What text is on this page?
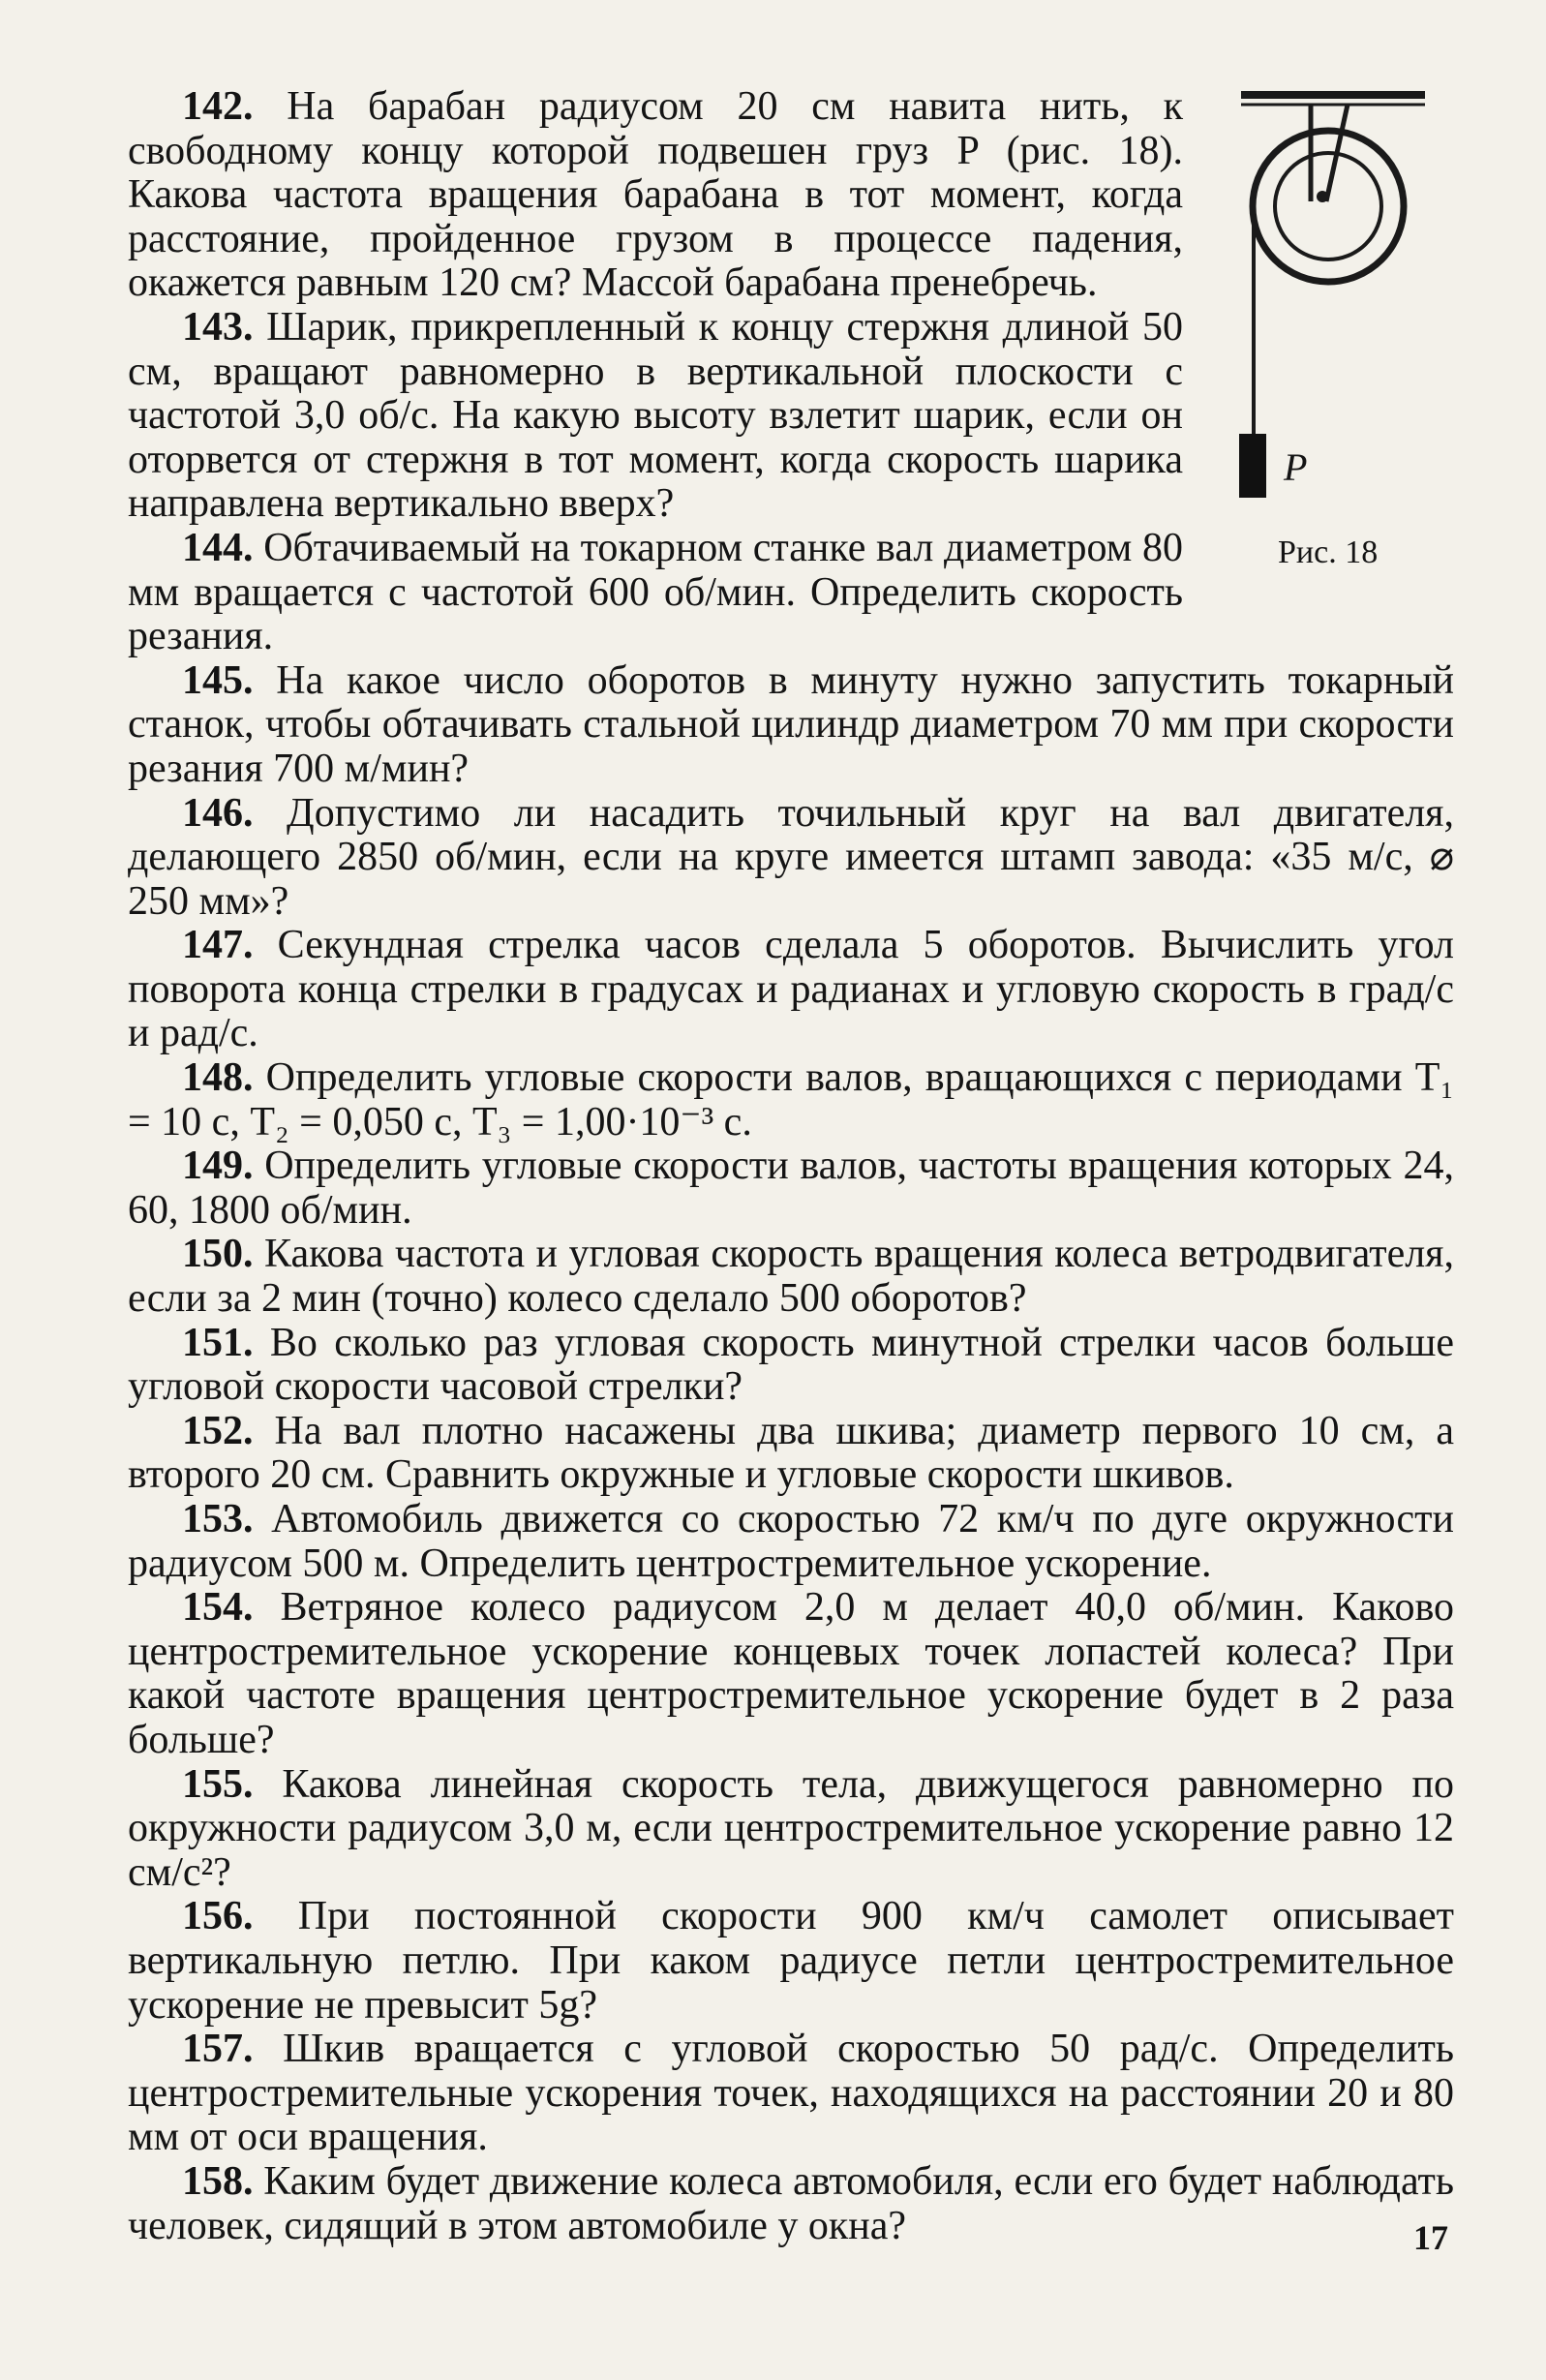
P
Рис. 18

142. На барабан радиусом 20 см навита нить, к свободному концу которой подвешен груз P (рис. 18). Какова частота вращения барабана в тот момент, когда расстояние, пройденное грузом в процессе падения, окажется равным 120 см? Массой барабана пренебречь.

143. Шарик, прикрепленный к концу стержня длиной 50 см, вращают равномерно в вертикальной плоскости с частотой 3,0 об/с. На какую высоту взлетит шарик, если он оторвется от стержня в тот момент, когда скорость шарика направлена вертикально вверх?

144. Обтачиваемый на токарном станке вал диаметром 80 мм вращается с частотой 600 об/мин. Определить скорость резания.

145. На какое число оборотов в минуту нужно запустить токарный станок, чтобы обтачивать стальной цилиндр диаметром 70 мм при скорости резания 700 м/мин?

146. Допустимо ли насадить точильный круг на вал двигателя, делающего 2850 об/мин, если на круге имеется штамп завода: «35 м/с, ⌀ 250 мм»?

147. Секундная стрелка часов сделала 5 оборотов. Вычислить угол поворота конца стрелки в градусах и радианах и угловую скорость в град/с и рад/с.

148. Определить угловые скорости валов, вращающихся с периодами T₁ = 10 с, T₂ = 0,050 с, T₃ = 1,00·10⁻³ с.

149. Определить угловые скорости валов, частоты вращения которых 24, 60, 1800 об/мин.

150. Какова частота и угловая скорость вращения колеса ветродвигателя, если за 2 мин (точно) колесо сделало 500 оборотов?

151. Во сколько раз угловая скорость минутной стрелки часов больше угловой скорости часовой стрелки?

152. На вал плотно насажены два шкива; диаметр первого 10 см, а второго 20 см. Сравнить окружные и угловые скорости шкивов.

153. Автомобиль движется со скоростью 72 км/ч по дуге окружности радиусом 500 м. Определить центростремительное ускорение.

154. Ветряное колесо радиусом 2,0 м делает 40,0 об/мин. Каково центростремительное ускорение концевых точек лопастей колеса? При какой частоте вращения центростремительное ускорение будет в 2 раза больше?

155. Какова линейная скорость тела, движущегося равномерно по окружности радиусом 3,0 м, если центростремительное ускорение равно 12 см/с²?

156. При постоянной скорости 900 км/ч самолет описывает вертикальную петлю. При каком радиусе петли центростремительное ускорение не превысит 5g?

157. Шкив вращается с угловой скоростью 50 рад/с. Определить центростремительные ускорения точек, находящихся на расстоянии 20 и 80 мм от оси вращения.

158. Каким будет движение колеса автомобиля, если его будет наблюдать человек, сидящий в этом автомобиле у окна?	17
